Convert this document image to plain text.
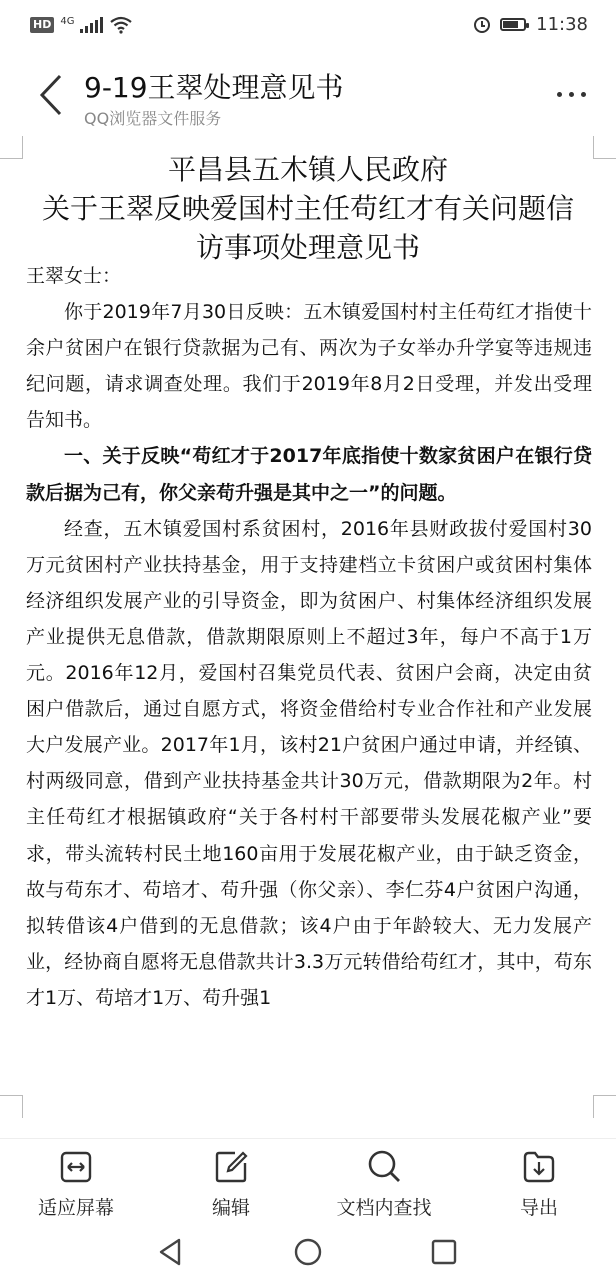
HD 4G	11:38
9-19王翠处理意见书
QQ浏览器文件服务
平昌县五木镇人民政府
关于王翠反映爱国村主任苟红才有关问题信
访事项处理意见书

王翠女士：

你于2019年7月30日反映：五木镇爱国村村主任苟红才指使十余户贫困户在银行贷款据为己有、两次为子女举办升学宴等违规违纪问题，请求调查处理。我们于2019年8月2日受理，并发出受理告知书。

一、关于反映“苟红才于2017年底指使十数家贫困户在银行贷款后据为己有，你父亲苟升强是其中之一”的问题。

经查，五木镇爱国村系贫困村，2016年县财政拔付爱国村30万元贫困村产业扶持基金，用于支持建档立卡贫困户或贫困村集体经济组织发展产业的引导资金，即为贫困户、村集体经济组织发展产业提供无息借款，借款期限原则上不超过3年，每户不高于1万元。2016年12月，爱国村召集党员代表、贫困户会商，决定由贫困户借款后，通过自愿方式，将资金借给村专业合作社和产业发展大户发展产业。2017年1月，该村21户贫困户通过申请，并经镇、村两级同意，借到产业扶持基金共计30万元，借款期限为2年。村主任苟红才根据镇政府“关于各村村干部要带头发展花椒产业”要求，带头流转村民土地160亩用于发展花椒产业，由于缺乏资金，故与苟东才、苟培才、苟升强（你父亲）、李仁芬4户贫困户沟通，拟转借该4户借到的无息借款；该4户由于年龄较大、无力发展产业，经协商自愿将无息借款共计3.3万元转借给苟红才，其中，苟东才1万、苟培才1万、苟升强1

适应屏幕	编辑	文档内查找	导出
